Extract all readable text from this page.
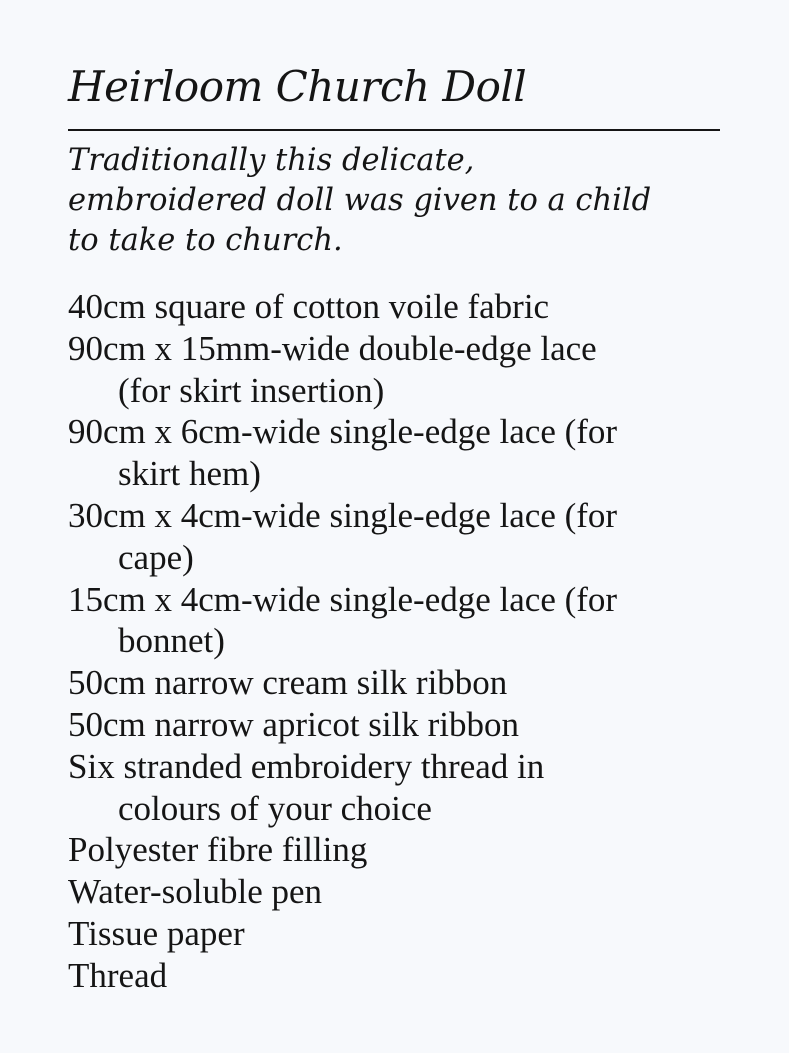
Heirloom Church Doll

Traditionally this delicate,
embroidered doll was given to a child
to take to church.

40cm square of cotton voile fabric
90cm x 15mm-wide double-edge lace
(for skirt insertion)
90cm x 6cm-wide single-edge lace (for
skirt hem)
30cm x 4cm-wide single-edge lace (for
cape)
15cm x 4cm-wide single-edge lace (for
bonnet)
50cm narrow cream silk ribbon
50cm narrow apricot silk ribbon
Six stranded embroidery thread in
colours of your choice
Polyester fibre filling
Water-soluble pen
Tissue paper
Thread
